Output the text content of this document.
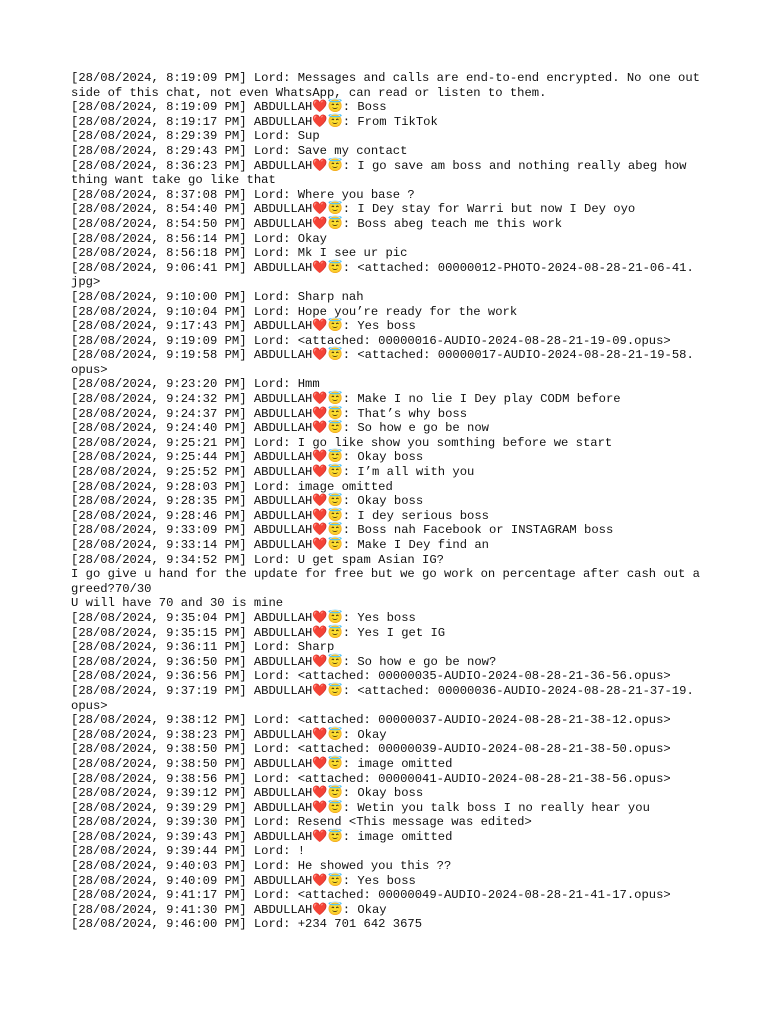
[28/08/2024, 8:19:09 PM] Lord: Messages and calls are end-to-end encrypted. No one outside of this chat, not even WhatsApp, can read or listen to them.
[28/08/2024, 8:19:09 PM] ABDULLAH❤️😇: Boss
[28/08/2024, 8:19:17 PM] ABDULLAH❤️😇: From TikTok
[28/08/2024, 8:29:39 PM] Lord: Sup
[28/08/2024, 8:29:43 PM] Lord: Save my contact
[28/08/2024, 8:36:23 PM] ABDULLAH❤️😇: I go save am boss and nothing really abeg how thing want take go like that
[28/08/2024, 8:37:08 PM] Lord: Where you base ?
[28/08/2024, 8:54:40 PM] ABDULLAH❤️😇: I Dey stay for Warri but now I Dey oyo
[28/08/2024, 8:54:50 PM] ABDULLAH❤️😇: Boss abeg teach me this work
[28/08/2024, 8:56:14 PM] Lord: Okay
[28/08/2024, 8:56:18 PM] Lord: Mk I see ur pic
[28/08/2024, 9:06:41 PM] ABDULLAH❤️😇: <attached: 00000012-PHOTO-2024-08-28-21-06-41.jpg>
[28/08/2024, 9:10:00 PM] Lord: Sharp nah
[28/08/2024, 9:10:04 PM] Lord: Hope you’re ready for the work
[28/08/2024, 9:17:43 PM] ABDULLAH❤️😇: Yes boss
[28/08/2024, 9:19:09 PM] Lord: <attached: 00000016-AUDIO-2024-08-28-21-19-09.opus>
[28/08/2024, 9:19:58 PM] ABDULLAH❤️😇: <attached: 00000017-AUDIO-2024-08-28-21-19-58.opus>
[28/08/2024, 9:23:20 PM] Lord: Hmm
[28/08/2024, 9:24:32 PM] ABDULLAH❤️😇: Make I no lie I Dey play CODM before
[28/08/2024, 9:24:37 PM] ABDULLAH❤️😇: That’s why boss
[28/08/2024, 9:24:40 PM] ABDULLAH❤️😇: So how e go be now
[28/08/2024, 9:25:21 PM] Lord: I go like show you somthing before we start
[28/08/2024, 9:25:44 PM] ABDULLAH❤️😇: Okay boss
[28/08/2024, 9:25:52 PM] ABDULLAH❤️😇: I’m all with you
[28/08/2024, 9:28:03 PM] Lord: image omitted
[28/08/2024, 9:28:35 PM] ABDULLAH❤️😇: Okay boss
[28/08/2024, 9:28:46 PM] ABDULLAH❤️😇: I dey serious boss
[28/08/2024, 9:33:09 PM] ABDULLAH❤️😇: Boss nah Facebook or INSTAGRAM boss
[28/08/2024, 9:33:14 PM] ABDULLAH❤️😇: Make I Dey find an
[28/08/2024, 9:34:52 PM] Lord: U get spam Asian IG?
I go give u hand for the update for free but we go work on percentage after cash out agreed?70/30
U will have 70 and 30 is mine
[28/08/2024, 9:35:04 PM] ABDULLAH❤️😇: Yes boss
[28/08/2024, 9:35:15 PM] ABDULLAH❤️😇: Yes I get IG
[28/08/2024, 9:36:11 PM] Lord: Sharp
[28/08/2024, 9:36:50 PM] ABDULLAH❤️😇: So how e go be now?
[28/08/2024, 9:36:56 PM] Lord: <attached: 00000035-AUDIO-2024-08-28-21-36-56.opus>
[28/08/2024, 9:37:19 PM] ABDULLAH❤️😇: <attached: 00000036-AUDIO-2024-08-28-21-37-19.opus>
[28/08/2024, 9:38:12 PM] Lord: <attached: 00000037-AUDIO-2024-08-28-21-38-12.opus>
[28/08/2024, 9:38:23 PM] ABDULLAH❤️😇: Okay
[28/08/2024, 9:38:50 PM] Lord: <attached: 00000039-AUDIO-2024-08-28-21-38-50.opus>
[28/08/2024, 9:38:50 PM] ABDULLAH❤️😇: image omitted
[28/08/2024, 9:38:56 PM] Lord: <attached: 00000041-AUDIO-2024-08-28-21-38-56.opus>
[28/08/2024, 9:39:12 PM] ABDULLAH❤️😇: Okay boss
[28/08/2024, 9:39:29 PM] ABDULLAH❤️😇: Wetin you talk boss I no really hear you
[28/08/2024, 9:39:30 PM] Lord: Resend <This message was edited>
[28/08/2024, 9:39:43 PM] ABDULLAH❤️😇: image omitted
[28/08/2024, 9:39:44 PM] Lord: !
[28/08/2024, 9:40:03 PM] Lord: He showed you this ??
[28/08/2024, 9:40:09 PM] ABDULLAH❤️😇: Yes boss
[28/08/2024, 9:41:17 PM] Lord: <attached: 00000049-AUDIO-2024-08-28-21-41-17.opus>
[28/08/2024, 9:41:30 PM] ABDULLAH❤️😇: Okay
[28/08/2024, 9:46:00 PM] Lord: +234 701 642 3675
